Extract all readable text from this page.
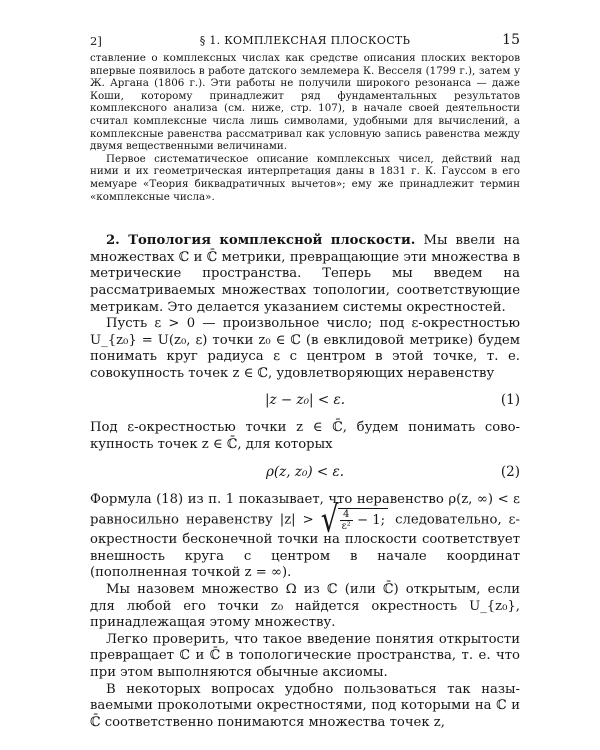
2]	§ 1. КОМПЛЕКСНАЯ ПЛОСКОСТЬ	15

ставление о комплексных числах как средстве описания плоских векторов впервые появилось в работе датского землемера К. Весселя (1799 г.), затем у Ж. Аргана (1806 г.). Эти работы не получили широкого резонанса — даже Коши, которому принадлежит ряд фундаментальных результатов комплексного анализа (см. ниже, стр. 107), в начале своей деятельности считал комплексные числа лишь символами, удобными для вычислений, а комплексные равенства рассматривал как условную запись равенства между двумя вещественными величинами.

Первое систематическое описание комплексных чисел, действий над ними и их геометрическая интерпретация даны в 1831 г. К. Гауссом в его мемуаре «Теория биквадратичных вычетов»; ему же принадлежит термин «комплексные числа».

2. Топология комплексной плоскости. Мы ввели на множествах ℂ и ℂ̄ метрики, превращающие эти множества в метрические пространства. Теперь мы введем на рассматриваемых множествах топологии, соответствующие метрикам. Это делается указанием системы окрестностей.

Пусть ε > 0 — произвольное число; под ε-окрестностью U_{z₀} = U(z₀, ε) точки z₀ ∈ ℂ (в евклидовой метрике) будем понимать круг радиуса ε с центром в этой точке, т. е. совокупность точек z ∈ ℂ, удовлетворяющих неравенству

|z − z₀| < ε.	(1)

Под ε-окрестностью точки z ∈ ℂ̄, будем понимать совокупность точек z ∈ ℂ̄, для которых

ρ(z, z₀) < ε.	(2)

Формула (18) из п. 1 показывает, что неравенство ρ(z, ∞) < ε равносильно неравенству |z| > √ $\frac{4}{\text{ε²}} - 1$; следовательно, ε-окрестности бесконечной точки на плоскости соответствует внешность круга с центром в начале координат (пополненная точкой z = ∞).

Мы назовем множество Ω из ℂ (или ℂ̄) открытым, если для любой его точки z₀ найдется окрестность U_{z₀}, принадлежащая этому множеству.

Легко проверить, что такое введение понятия открытости превращает ℂ и ℂ̄ в топологические пространства, т. е. что при этом выполняются обычные аксиомы.

В некоторых вопросах удобно пользоваться так называемыми проколотыми окрестностями, под которыми на ℂ и ℂ̄ соответственно понимаются множества точек z,
